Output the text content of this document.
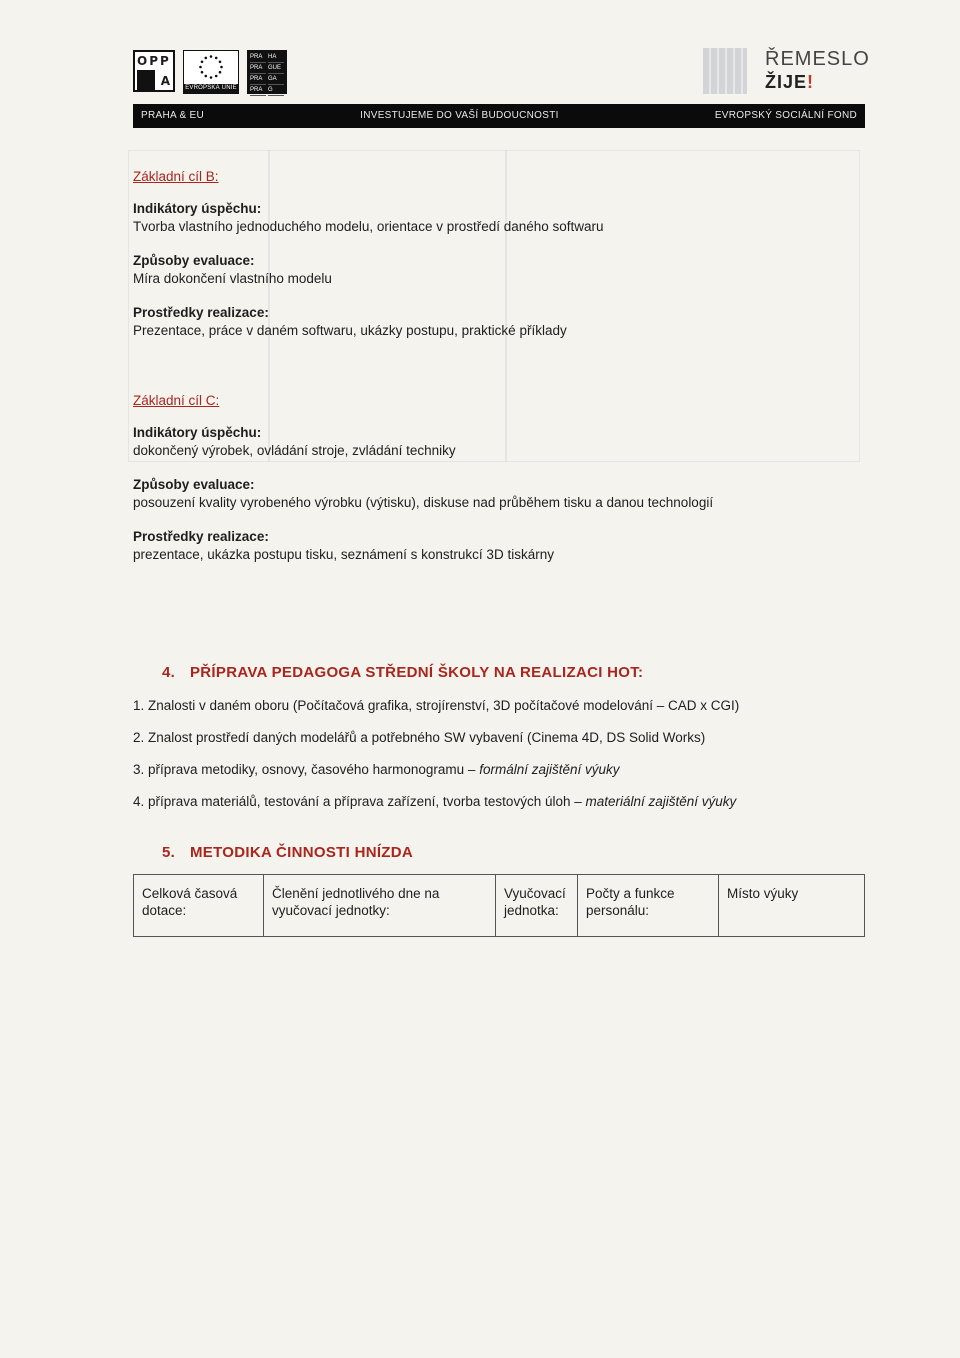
OPP
A	EVROPSKÁ UNIE
PRA HA
PRA GUE
PRA GA
PRA G
ŘEMESLO
ŽIJE!
PRAHA & EU	INVESTUJEME DO VAŠÍ BUDOUCNOSTI	EVROPSKÝ SOCIÁLNÍ FOND

Základní cíl B:

Indikátory úspěchu:

Tvorba vlastního jednoduchého modelu, orientace v prostředí daného softwaru

Způsoby evaluace:

Míra dokončení vlastního modelu

Prostředky realizace:

Prezentace, práce v daném softwaru, ukázky postupu, praktické příklady

Základní cíl C:

Indikátory úspěchu:

dokončený výrobek, ovládání stroje, zvládání techniky

Způsoby evaluace:

posouzení kvality vyrobeného výrobku (výtisku), diskuse nad průběhem tisku a danou technologií

Prostředky realizace:

prezentace, ukázka postupu tisku, seznámení s konstrukcí 3D tiskárny

4. PŘÍPRAVA PEDAGOGA STŘEDNÍ ŠKOLY NA REALIZACI HOT:

1. Znalosti v daném oboru (Počítačová grafika, strojírenství, 3D počítačové modelování – CAD x CGI)

2. Znalost prostředí daných modelářů a potřebného SW vybavení (Cinema 4D, DS Solid Works)

3. příprava metodiky, osnovy, časového harmonogramu – formální zajištění výuky

4. příprava materiálů, testování a příprava zařízení, tvorba testových úloh – materiální zajištění výuky

5. METODIKA ČINNOSTI HNÍZDA
Celková časová dotace:	Členění jednotlivého dne na vyučovací jednotky:	Vyučovací jednotka:	Počty a funkce personálu:	Místo výuky
